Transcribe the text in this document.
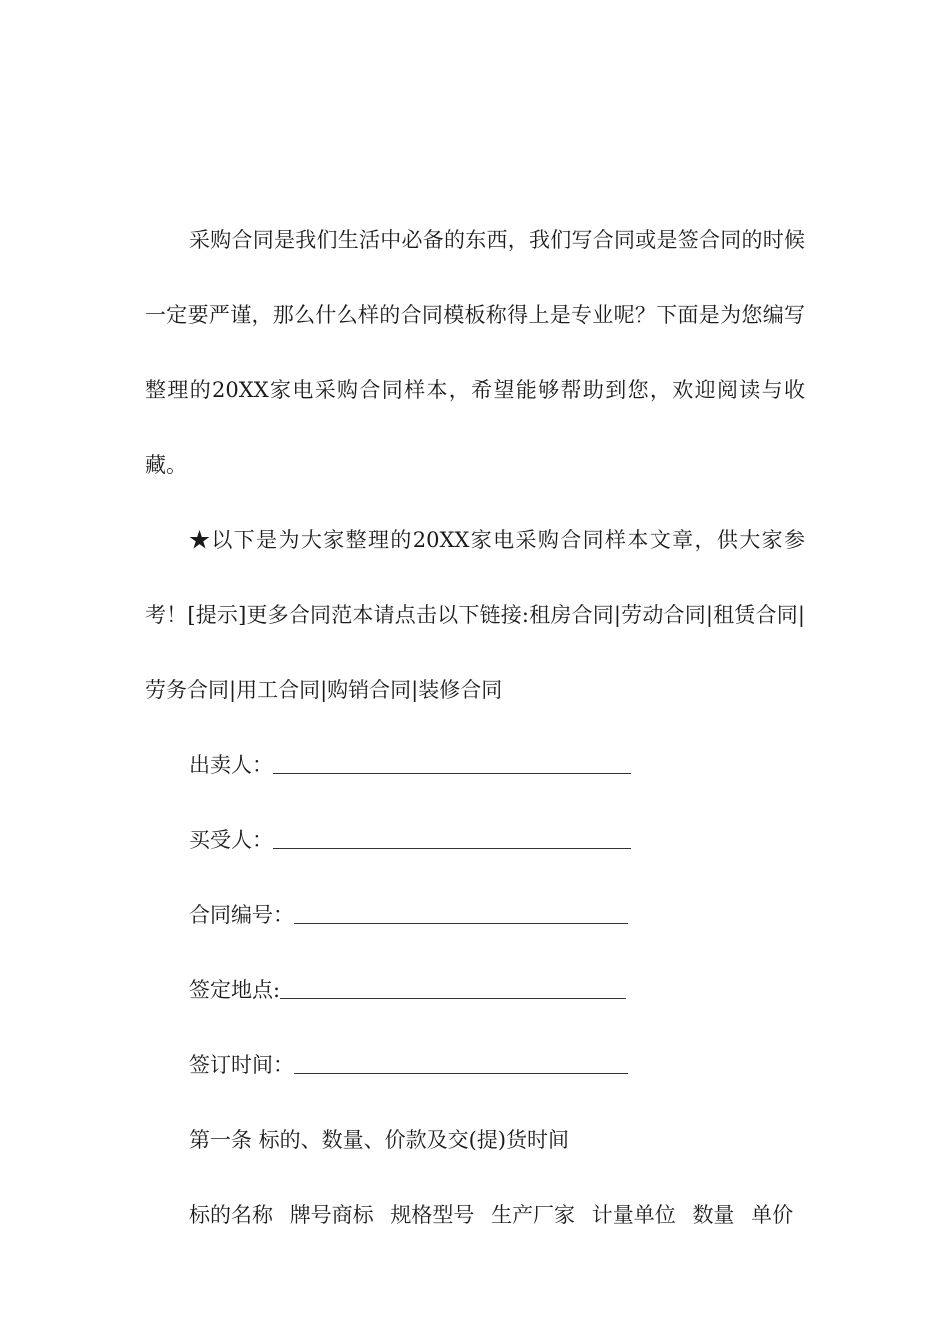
采购合同是我们生活中必备的东西，我们写合同或是签合同的时候一定要严谨，那么什么样的合同模板称得上是专业呢？下面是为您编写整理的20XX家电采购合同样本，希望能够帮助到您，欢迎阅读与收藏。

★以下是为大家整理的20XX家电采购合同样本文章，供大家参考！[提示]更多合同范本请点击以下链接:租房合同|劳动合同|租赁合同|劳务合同|用工合同|购销合同|装修合同

出卖人：
买受人：
合同编号：
签定地点:
签订时间：

第一条 标的、数量、价款及交(提)货时间

标的名称 牌号商标 规格型号 生产厂家 计量单位 数量 单价
